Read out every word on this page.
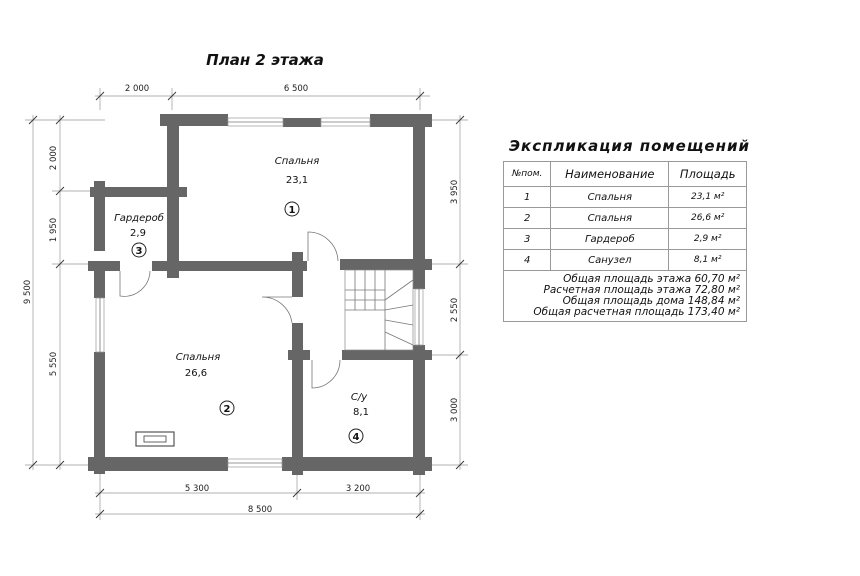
План 2 этажа
2 000	6 500
5 300	3 200
8 500
9 500
2 000
1 950
5 550
3 950
2 550
3 000
Спальня
23,1
1
Спальня
26,6
2
Гардероб
2,9
3
С/у
8,1
4
Экспликация помещений
№пом.	Наименование	Площадь
1	Спальня	23,1 м²
2	Спальня	26,6 м²
3	Гардероб	2,9 м²
4	Санузел	8,1 м²

Общая площадь этажа 60,70 м²
Расчетная площадь этажа 72,80 м²
Общая площадь дома 148,84 м²
Общая расчетная площадь 173,40 м²		
